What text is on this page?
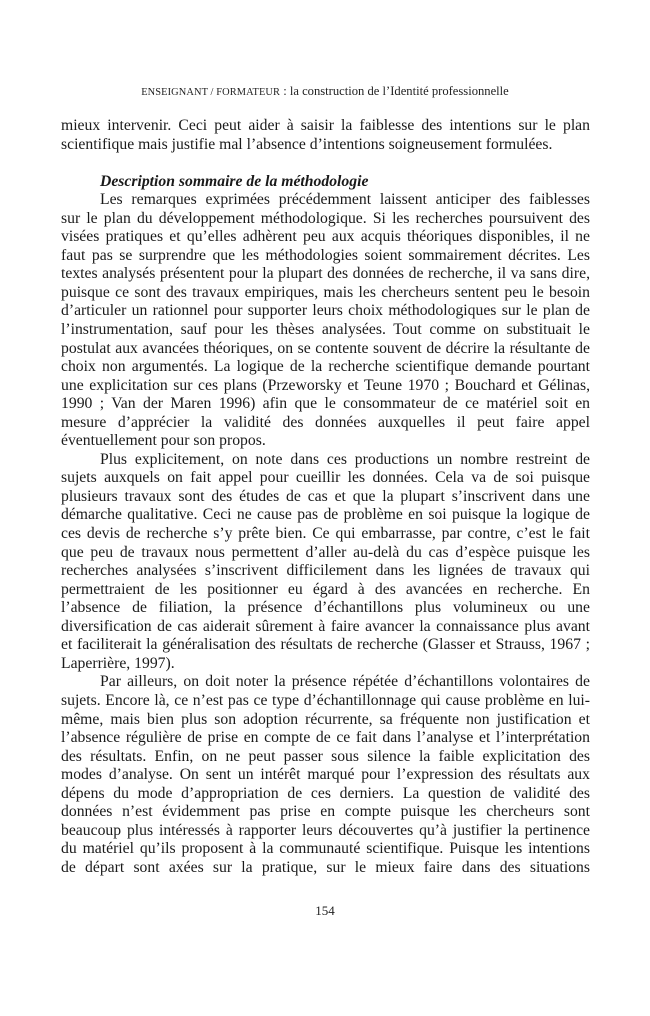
ENSEIGNANT / FORMATEUR : la construction de l’Identité professionnelle
mieux intervenir. Ceci peut aider à saisir la faiblesse des intentions sur le plan
scientifique mais justifie mal l’absence d’intentions soigneusement formulées.
Description sommaire de la méthodologie
Les remarques exprimées précédemment laissent anticiper des faiblesses
sur le plan du développement méthodologique. Si les recherches poursuivent des
visées pratiques et qu’elles adhèrent peu aux acquis théoriques disponibles, il ne
faut pas se surprendre que les méthodologies soient sommairement décrites. Les
textes analysés présentent pour la plupart des données de recherche, il va sans dire,
puisque ce sont des travaux empiriques, mais les chercheurs sentent peu le besoin
d’articuler un rationnel pour supporter leurs choix méthodologiques sur le plan de
l’instrumentation, sauf pour les thèses analysées. Tout comme on substituait le
postulat aux avancées théoriques, on se contente souvent de décrire la résultante de
choix non argumentés. La logique de la recherche scientifique demande pourtant
une explicitation sur ces plans (Przeworsky et Teune 1970 ; Bouchard et Gélinas,
1990 ; Van der Maren 1996) afin que le consommateur de ce matériel soit en
mesure d’apprécier la validité des données auxquelles il peut faire appel
éventuellement pour son propos.
Plus explicitement, on note dans ces productions un nombre restreint de
sujets auxquels on fait appel pour cueillir les données. Cela va de soi puisque
plusieurs travaux sont des études de cas et que la plupart s’inscrivent dans une
démarche qualitative. Ceci ne cause pas de problème en soi puisque la logique de
ces devis de recherche s’y prête bien. Ce qui embarrasse, par contre, c’est le fait
que peu de travaux nous permettent d’aller au-delà du cas d’espèce puisque les
recherches analysées s’inscrivent difficilement dans les lignées de travaux qui
permettraient de les positionner eu égard à des avancées en recherche. En
l’absence de filiation, la présence d’échantillons plus volumineux ou une
diversification de cas aiderait sûrement à faire avancer la connaissance plus avant
et faciliterait la généralisation des résultats de recherche (Glasser et Strauss, 1967 ;
Laperrière, 1997).
Par ailleurs, on doit noter la présence répétée d’échantillons volontaires de
sujets. Encore là, ce n’est pas ce type d’échantillonnage qui cause problème en lui-
même, mais bien plus son adoption récurrente, sa fréquente non justification et
l’absence régulière de prise en compte de ce fait dans l’analyse et l’interprétation
des résultats. Enfin, on ne peut passer sous silence la faible explicitation des
modes d’analyse. On sent un intérêt marqué pour l’expression des résultats aux
dépens du mode d’appropriation de ces derniers. La question de validité des
données n’est évidemment pas prise en compte puisque les chercheurs sont
beaucoup plus intéressés à rapporter leurs découvertes qu’à justifier la pertinence
du matériel qu’ils proposent à la communauté scientifique. Puisque les intentions
de départ sont axées sur la pratique, sur le mieux faire dans des situations
154
